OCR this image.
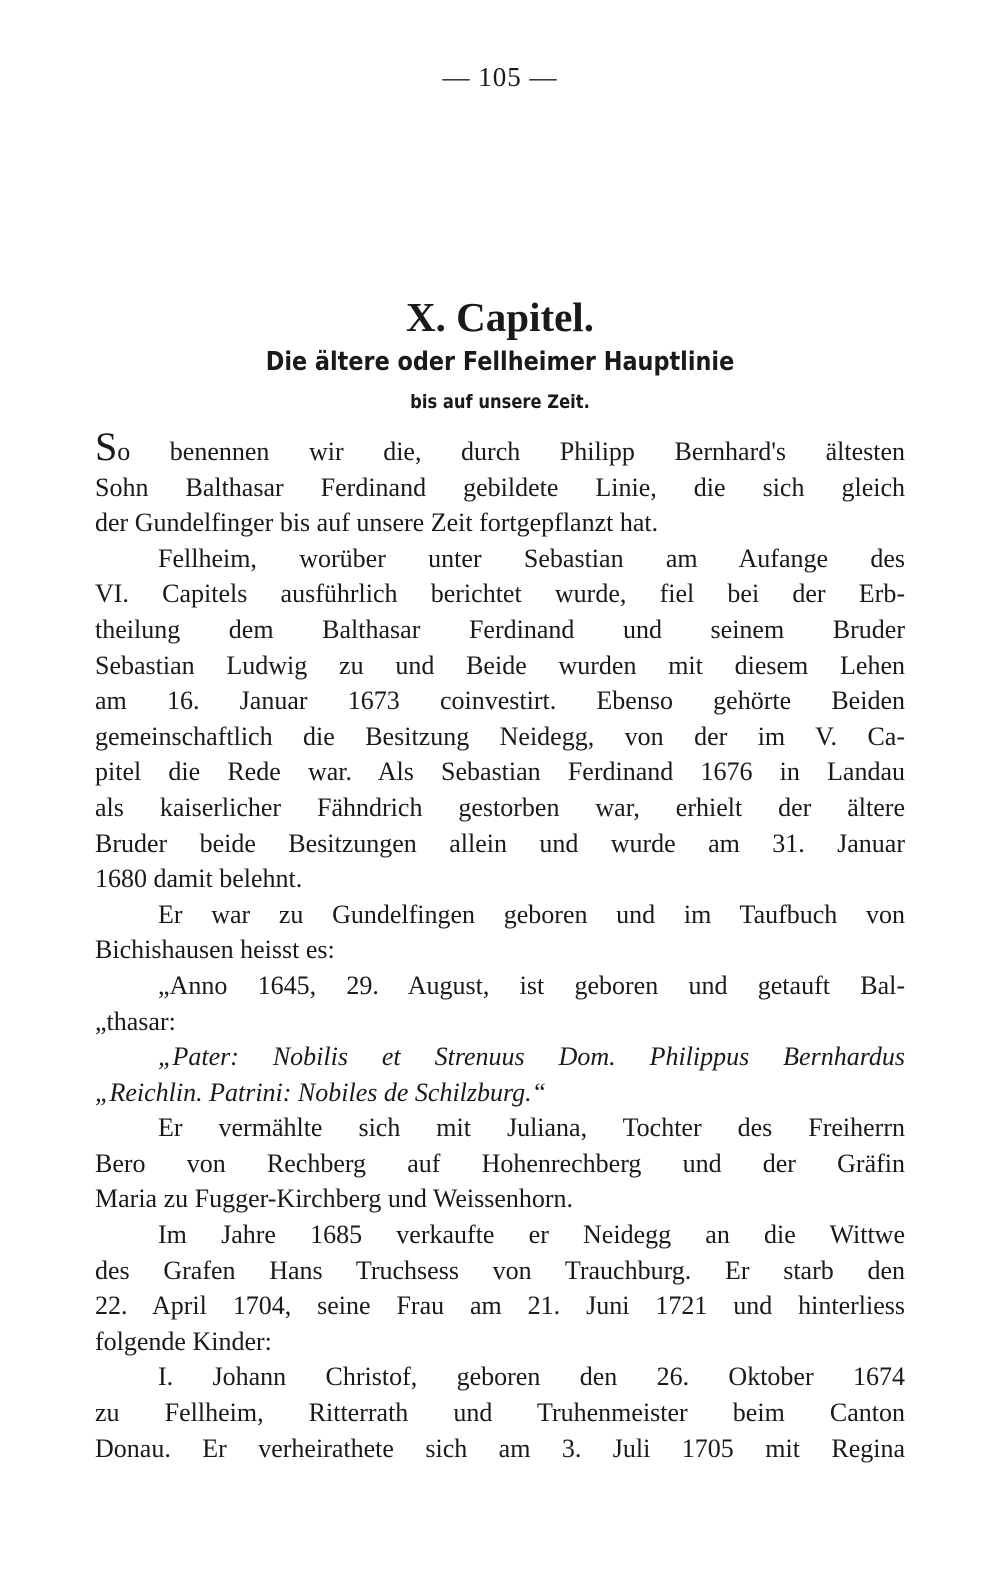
— 105 —
X. Capitel.
Die ältere oder Fellheimer Hauptlinie
bis auf unsere Zeit.
So benennen wir die, durch Philipp Bernhard's ältesten
Sohn Balthasar Ferdinand gebildete Linie, die sich gleich
der Gundelfinger bis auf unsere Zeit fortgepflanzt hat.
Fellheim, worüber unter Sebastian am Aufange des
VI. Capitels ausführlich berichtet wurde, fiel bei der Erb-
theilung dem Balthasar Ferdinand und seinem Bruder
Sebastian Ludwig zu und Beide wurden mit diesem Lehen
am 16. Januar 1673 coinvestirt. Ebenso gehörte Beiden
gemeinschaftlich die Besitzung Neidegg, von der im V. Ca-
pitel die Rede war. Als Sebastian Ferdinand 1676 in Landau
als kaiserlicher Fähndrich gestorben war, erhielt der ältere
Bruder beide Besitzungen allein und wurde am 31. Januar
1680 damit belehnt.
Er war zu Gundelfingen geboren und im Taufbuch von
Bichishausen heisst es:
„Anno 1645, 29. August, ist geboren und getauft Bal-
„thasar:
„Pater: Nobilis et Strenuus Dom. Philippus Bernhardus
„Reichlin. Patrini: Nobiles de Schilzburg.“
Er vermählte sich mit Juliana, Tochter des Freiherrn
Bero von Rechberg auf Hohenrechberg und der Gräfin
Maria zu Fugger-Kirchberg und Weissenhorn.
Im Jahre 1685 verkaufte er Neidegg an die Wittwe
des Grafen Hans Truchsess von Trauchburg. Er starb den
22. April 1704, seine Frau am 21. Juni 1721 und hinterliess
folgende Kinder:
I. Johann Christof, geboren den 26. Oktober 1674
zu Fellheim, Ritterrath und Truhenmeister beim Canton
Donau. Er verheirathete sich am 3. Juli 1705 mit Regina
